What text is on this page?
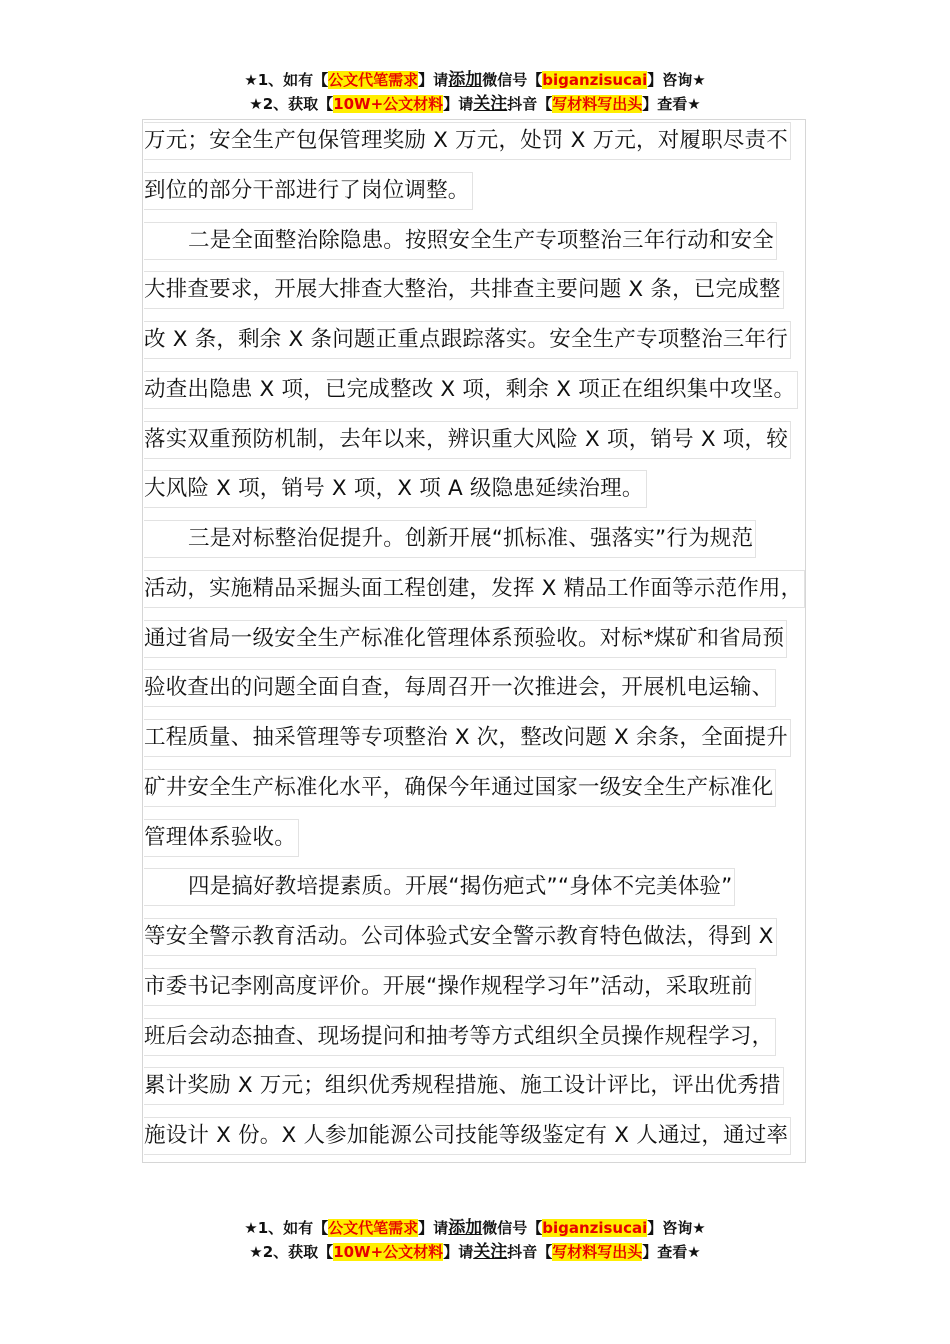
★1、如有【公文代笔需求】请添加微信号【biganzisucai】咨询★
★2、获取【10W+公文材料】请关注抖音【写材料写出头】查看★
万元；安全生产包保管理奖励 X 万元，处罚 X 万元，对履职尽责不
到位的部分干部进行了岗位调整。
二是全面整治除隐患。按照安全生产专项整治三年行动和安全
大排查要求，开展大排查大整治，共排查主要问题 X 条，已完成整
改 X 条，剩余 X 条问题正重点跟踪落实。安全生产专项整治三年行
动查出隐患 X 项，已完成整改 X 项，剩余 X 项正在组织集中攻坚。
落实双重预防机制，去年以来，辨识重大风险 X 项，销号 X 项，较
大风险 X 项，销号 X 项，X 项 A 级隐患延续治理。
三是对标整治促提升。创新开展“抓标准、强落实”行为规范
活动，实施精品采掘头面工程创建，发挥 X 精品工作面等示范作用，
通过省局一级安全生产标准化管理体系预验收。对标*煤矿和省局预
验收查出的问题全面自查，每周召开一次推进会，开展机电运输、
工程质量、抽采管理等专项整治 X 次，整改问题 X 余条，全面提升
矿井安全生产标准化水平，确保今年通过国家一级安全生产标准化
管理体系验收。
四是搞好教培提素质。开展“揭伤疤式”“身体不完美体验”
等安全警示教育活动。公司体验式安全警示教育特色做法，得到 X
市委书记李刚高度评价。开展“操作规程学习年”活动，采取班前
班后会动态抽查、现场提问和抽考等方式组织全员操作规程学习，
累计奖励 X 万元；组织优秀规程措施、施工设计评比，评出优秀措
施设计 X 份。X 人参加能源公司技能等级鉴定有 X 人通过，通过率
★1、如有【公文代笔需求】请添加微信号【biganzisucai】咨询★
★2、获取【10W+公文材料】请关注抖音【写材料写出头】查看★
